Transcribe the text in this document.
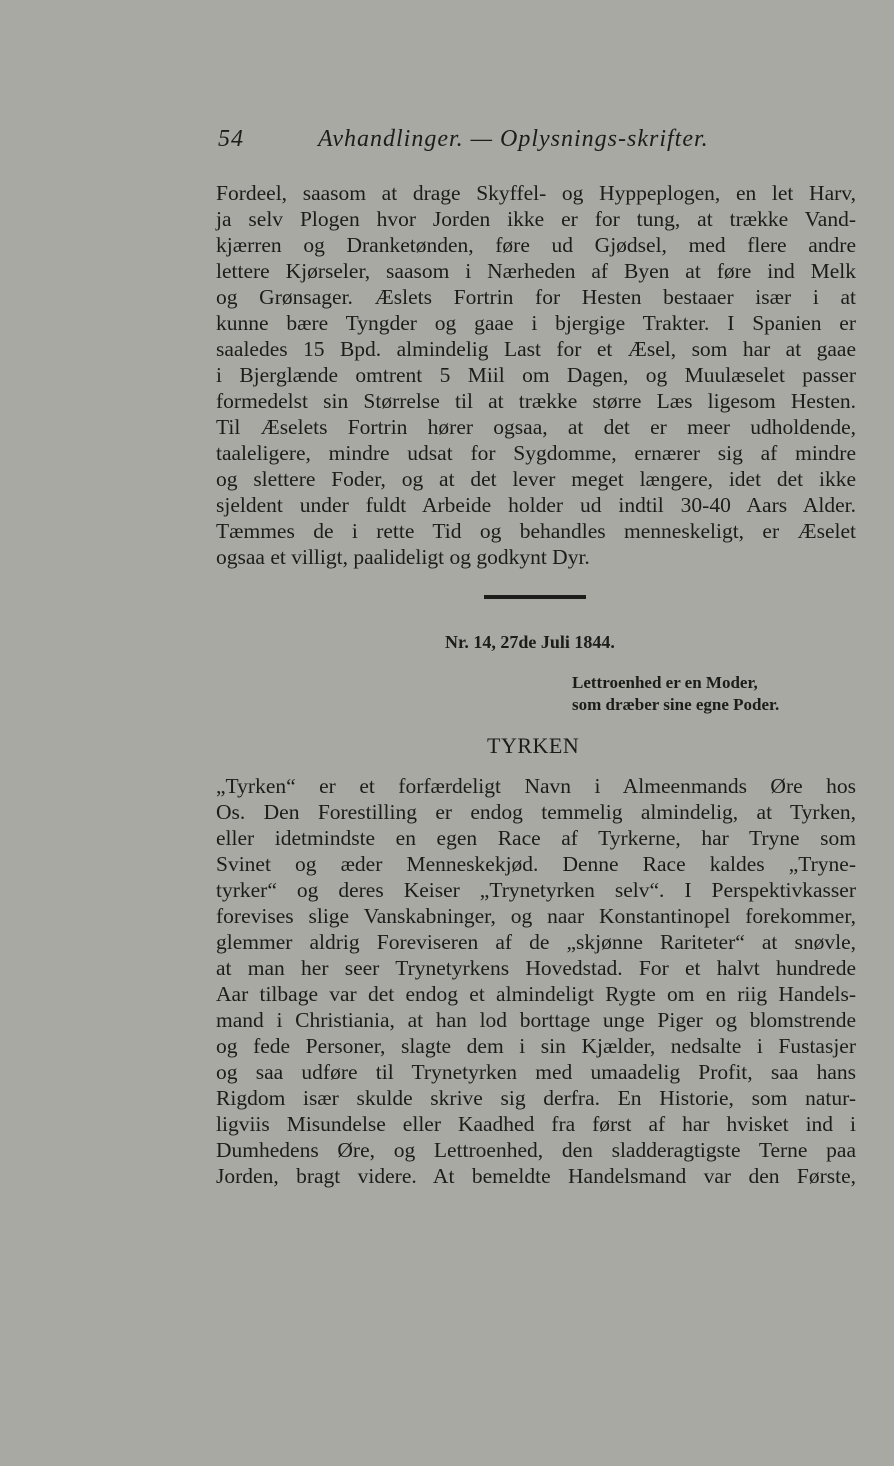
54	Avhandlinger. — Oplysnings-skrifter.
Fordeel, saasom at drage Skyffel- og Hyppeplogen, en let Harv,
ja selv Plogen hvor Jorden ikke er for tung, at trække Vand-
kjærren og Dranketønden, føre ud Gjødsel, med flere andre
lettere Kjørseler, saasom i Nærheden af Byen at føre ind Melk
og Grønsager. Æslets Fortrin for Hesten bestaaer især i at
kunne bære Tyngder og gaae i bjergige Trakter. I Spanien er
saaledes 15 Bpd. almindelig Last for et Æsel, som har at gaae
i Bjerglænde omtrent 5 Miil om Dagen, og Muulæselet passer
formedelst sin Størrelse til at trække større Læs ligesom Hesten.
Til Æselets Fortrin hører ogsaa, at det er meer udholdende,
taaleligere, mindre udsat for Sygdomme, ernærer sig af mindre
og slettere Foder, og at det lever meget længere, idet det ikke
sjeldent under fuldt Arbeide holder ud indtil 30-40 Aars Alder.
Tæmmes de i rette Tid og behandles menneskeligt, er Æselet
ogsaa et villigt, paalideligt og godkynt Dyr.
Nr. 14, 27de Juli 1844.
Lettroenhed er en Moder,
som dræber sine egne Poder.
TYRKEN
„Tyrken“ er et forfærdeligt Navn i Almeenmands Øre hos
Os. Den Forestilling er endog temmelig almindelig, at Tyrken,
eller idetmindste en egen Race af Tyrkerne, har Tryne som
Svinet og æder Menneskekjød. Denne Race kaldes „Tryne-
tyrker“ og deres Keiser „Trynetyrken selv“. I Perspektivkasser
forevises slige Vanskabninger, og naar Konstantinopel forekommer,
glemmer aldrig Foreviseren af de „skjønne Rariteter“ at snøvle,
at man her seer Trynetyrkens Hovedstad. For et halvt hundrede
Aar tilbage var det endog et almindeligt Rygte om en riig Handels-
mand i Christiania, at han lod borttage unge Piger og blomstrende
og fede Personer, slagte dem i sin Kjælder, nedsalte i Fustasjer
og saa udføre til Trynetyrken med umaadelig Profit, saa hans
Rigdom især skulde skrive sig derfra. En Historie, som natur-
ligviis Misundelse eller Kaadhed fra først af har hvisket ind i
Dumhedens Øre, og Lettroenhed, den sladderagtigste Terne paa
Jorden, bragt videre. At bemeldte Handelsmand var den Første,
